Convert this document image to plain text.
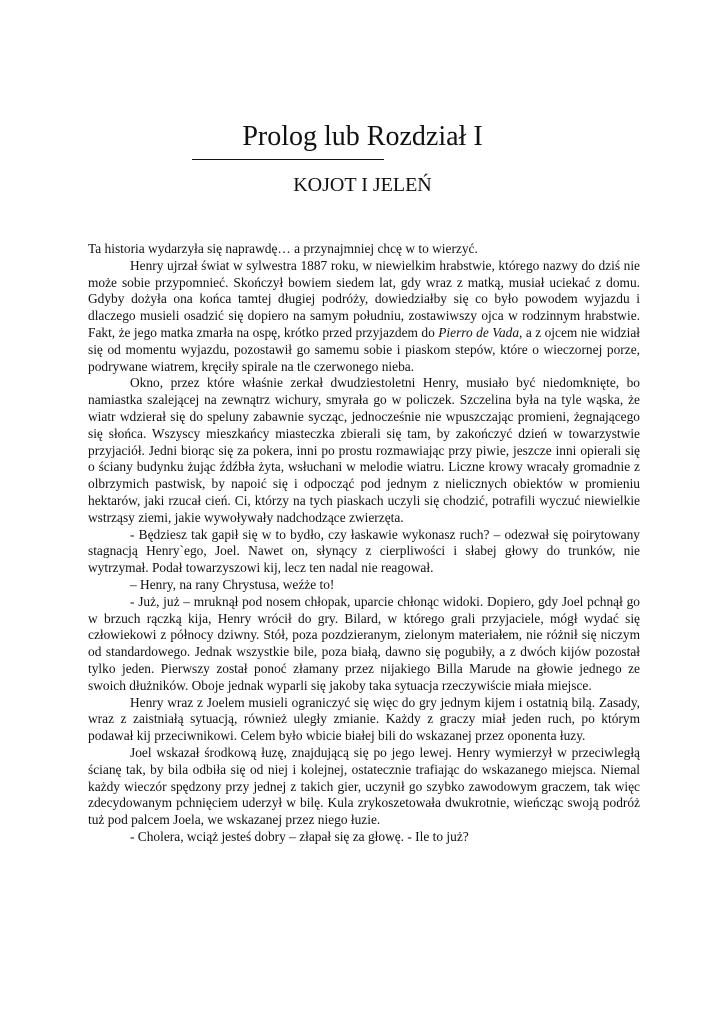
Prolog lub Rozdział I
KOJOT I JELEŃ

Ta historia wydarzyła się naprawdę… a przynajmniej chcę w to wierzyć.

Henry ujrzał świat w sylwestra 1887 roku, w niewielkim hrabstwie, którego nazwy do dziś nie może sobie przypomnieć. Skończył bowiem siedem lat, gdy wraz z matką, musiał uciekać z domu. Gdyby dożyła ona końca tamtej długiej podróży, dowiedziałby się co było powodem wyjazdu i dlaczego musieli osadzić się dopiero na samym południu, zostawiwszy ojca w rodzinnym hrabstwie. Fakt, że jego matka zmarła na ospę, krótko przed przyjazdem do Pierro de Vada, a z ojcem nie widział się od momentu wyjazdu, pozostawił go samemu sobie i piaskom stepów, które o wieczornej porze, podrywane wiatrem, kręciły spirale na tle czerwonego nieba.

Okno, przez które właśnie zerkał dwudziestoletni Henry, musiało być niedomknięte, bo namiastka szalejącej na zewnątrz wichury, smyrała go w policzek. Szczelina była na tyle wąska, że wiatr wdzierał się do speluny zabawnie sycząc, jednocześnie nie wpuszczając promieni, żegnającego się słońca. Wszyscy mieszkańcy miasteczka zbierali się tam, by zakończyć dzień w towarzystwie przyjaciół. Jedni biorąc się za pokera, inni po prostu rozmawiając przy piwie, jeszcze inni opierali się o ściany budynku żując źdźbła żyta, wsłuchani w melodie wiatru. Liczne krowy wracały gromadnie z olbrzymich pastwisk, by napoić się i odpocząć pod jednym z nielicznych obiektów w promieniu hektarów, jaki rzucał cień. Ci, którzy na tych piaskach uczyli się chodzić, potrafili wyczuć niewielkie wstrząsy ziemi, jakie wywoływały nadchodzące zwierzęta.

- Będziesz tak gapił się w to bydło, czy łaskawie wykonasz ruch? – odezwał się poirytowany stagnacją Henry`ego, Joel. Nawet on, słynący z cierpliwości i słabej głowy do trunków, nie wytrzymał. Podał towarzyszowi kij, lecz ten nadal nie reagował.

– Henry, na rany Chrystusa, weźże to!

- Już, już – mruknął pod nosem chłopak, uparcie chłonąc widoki. Dopiero, gdy Joel pchnął go w brzuch rączką kija, Henry wrócił do gry. Bilard, w którego grali przyjaciele, mógł wydać się człowiekowi z północy dziwny. Stół, poza pozdzieranym, zielonym materiałem, nie różnił się niczym od standardowego. Jednak wszystkie bile, poza białą, dawno się pogubiły, a z dwóch kijów pozostał tylko jeden. Pierwszy został ponoć złamany przez nijakiego Billa Marude na głowie jednego ze swoich dłużników. Oboje jednak wyparli się jakoby taka sytuacja rzeczywiście miała miejsce.

Henry wraz z Joelem musieli ograniczyć się więc do gry jednym kijem i ostatnią bilą. Zasady, wraz z zaistniałą sytuacją, również uległy zmianie. Każdy z graczy miał jeden ruch, po którym podawał kij przeciwnikowi. Celem było wbicie białej bili do wskazanej przez oponenta łuzy.

Joel wskazał środkową łuzę, znajdującą się po jego lewej. Henry wymierzył w przeciwległą ścianę tak, by bila odbiła się od niej i kolejnej, ostatecznie trafiając do wskazanego miejsca. Niemal każdy wieczór spędzony przy jednej z takich gier, uczynił go szybko zawodowym graczem, tak więc zdecydowanym pchnięciem uderzył w bilę. Kula zrykoszetowała dwukrotnie, wieńcząc swoją podróż tuż pod palcem Joela, we wskazanej przez niego łuzie.

- Cholera, wciąż jesteś dobry – złapał się za głowę. - Ile to już?
